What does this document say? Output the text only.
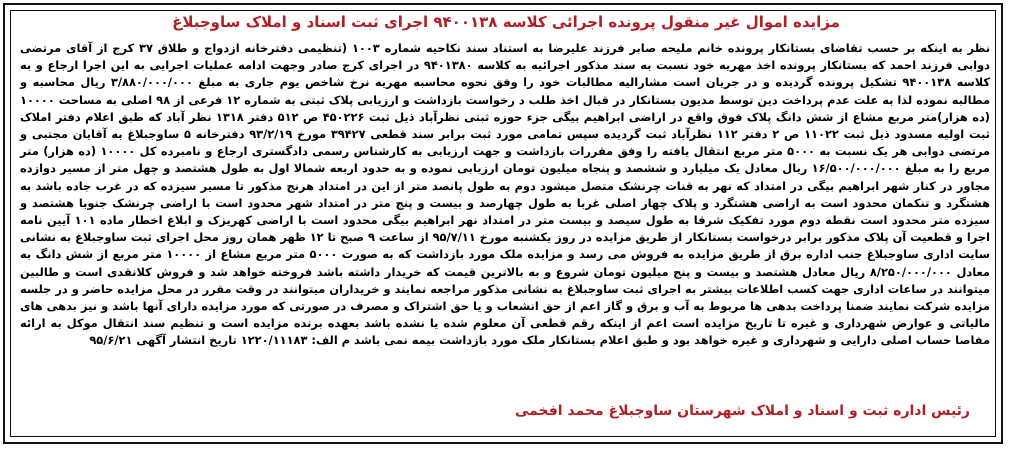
مزایده اموال غیر منقول پرونده اجرائی کلاسه ۹۴۰۰۱۳۸ اجرای ثبت اسناد و املاک ساوجبلاغ
نظر به اینکه بر حسب تقاضای بستانکار پرونده خانم ملیحه صابر فرزند علیرضا به استناد سند نکاحیه شماره ۱۰۰۳ (تنظیمی دفترخانه ازدواج و طلاق ۳۷ کرج از آقای مرتضی دوابی فرزند احمد که بستانکار پرونده اخذ مهریه خود نسبت به سند مذکور اجرائیه به کلاسه ۹۴۰۱۳۸۰ در اجرای کرج صادر وجهت ادامه عملیات اجرایی به این اجرا ارجاع و به کلاسه ۹۴۰۰۱۳۸ تشکیل پرونده گردیده و در جریان است مشارالیه مطالبات خود را وفق نحوه محاسبه مهریه نرخ شاخص یوم جاری به مبلغ ۳/۸۸۰/۰۰۰/۰۰۰ ریال محاسبه و مطالبه نموده لذا به علت عدم پرداخت دین توسط مدیون بستانکار در قبال اخذ طلب د رخواست بازداشت و ارزیابی پلاک ثبتی به شماره ۱۲ فرعی از ۹۸ اصلی به مساحت ۱۰۰۰۰ (ده هزار)متر مربع مشاع از شش دانگ پلاک فوق واقع در اراضی ابراهیم بیگی جزء حوزه ثبتی نظرآباد ذیل ثبت ۴۵۰۲۲۶ ص ۵۱۲ دفتر ۱۳۱۸ نظر آباد که طبق اعلام دفتر املاک ثبت اولیه مسدود ذیل ثبت ۱۱۰۲۲ ص ۲ دفتر ۱۱۲ نظرآباد ثبت گردیده سپس تمامی مورد ثبت برابر سند قطعی ۳۹۴۲۷ مورخ ۹۳/۲/۱۹ دفترخانه ۵ ساوجبلاغ به آقایان مجتبی و مرتضی دوابی هر یک نسبت به ۵۰۰۰ متر مربع انتقال یافته را وفق مقررات بازداشت و جهت ارزیابی به کارشناس رسمی دادگستری ارجاع و نامبرده کل ۱۰۰۰۰ (ده هزار) متر مربع را به مبلغ ۱۶/۵۰۰/۰۰۰/۰۰۰ ریال معادل یک میلیارد و ششصد و پنجاه میلیون تومان ارزیابی نموده و به حدود اربعه شمالا اول به طول هشتصد و چهل متر از مسیر دوازده مجاور در کنار شهر ابراهیم بیگی در امتداد که نهر به قنات چرنشک متصل میشود دوم به طول پانصد متر از این در امتداد هرنج مذکور تا مسیر سیزده که در غرب جاده باشد به هشتگرد و تنکمان محدود است به اراضی هشتگرد و پلاک چهار اصلی غربا به طول چهارصد و بیست و پنج متر در امتداد شهر محدود است با اراضی چرنشک جنوبا هشتصد و سیزده متر محدود است نقطه دوم مورد تفکیک شرقا به طول سیصد و بیست متر در امتداد نهر ابراهیم بیگی محدود است با اراضی کهریزک و ابلاغ اخطار ماده ۱۰۱ آیین نامه اجرا و قطعیت آن پلاک مذکور برابر درخواست بستانکار از طریق مزایده در روز یکشنبه مورخ ۹۵/۷/۱۱ از ساعت ۹ صبح تا ۱۲ ظهر همان روز محل اجرای ثبت ساوجبلاغ به نشانی سایت اداری ساوجبلاغ جنب اداره برق از طریق مزایده به فروش می رسد و مزایده ملک مورد بازداشت که به صورت ۵۰۰۰ متر مربع مشاع از ۱۰۰۰۰ متر مربع از شش دانگ به معادل ۸/۲۵۰/۰۰۰/۰۰۰ ریال معادل هشتصد و بیست و پنج میلیون تومان شروع و به بالاترین قیمت که خریدار داشته باشد فروخته خواهد شد و فروش کلانقدی است و طالبین میتوانند در ساعات اداری جهت کسب اطلاعات بیشتر به اجرای ثبت ساوجبلاغ به نشانی مذکور مراجعه نمایند و خریداران میتوانند در وقت مقرر در محل مزایده حاضر و در جلسه مزایده شرکت نمایند ضمنا پرداخت بدهی ها مربوط به آب و برق و گاز اعم از حق انشعاب و یا حق اشتراک و مصرف در صورتی که مورد مزایده دارای آنها باشد و نیز بدهی های مالیاتی و عوارض شهرداری و غیره تا تاریخ مزایده است اعم از اینکه رقم قطعی آن معلوم شده یا نشده باشد بعهده برنده مزایده است و تنظیم سند انتقال موکل به ارائه مفاصا حساب اصلی دارایی و شهرداری و غیره خواهد بود و طبق اعلام بستانکار ملک مورد بازداشت بیمه نمی باشد م الف: ۱۲۲۰/۱۱۱۸۳ تاریخ انتشار آگهی ۹۵/۶/۲۱
رئیس اداره ثبت و اسناد و املاک شهرستان ساوجبلاغ محمد افخمی
